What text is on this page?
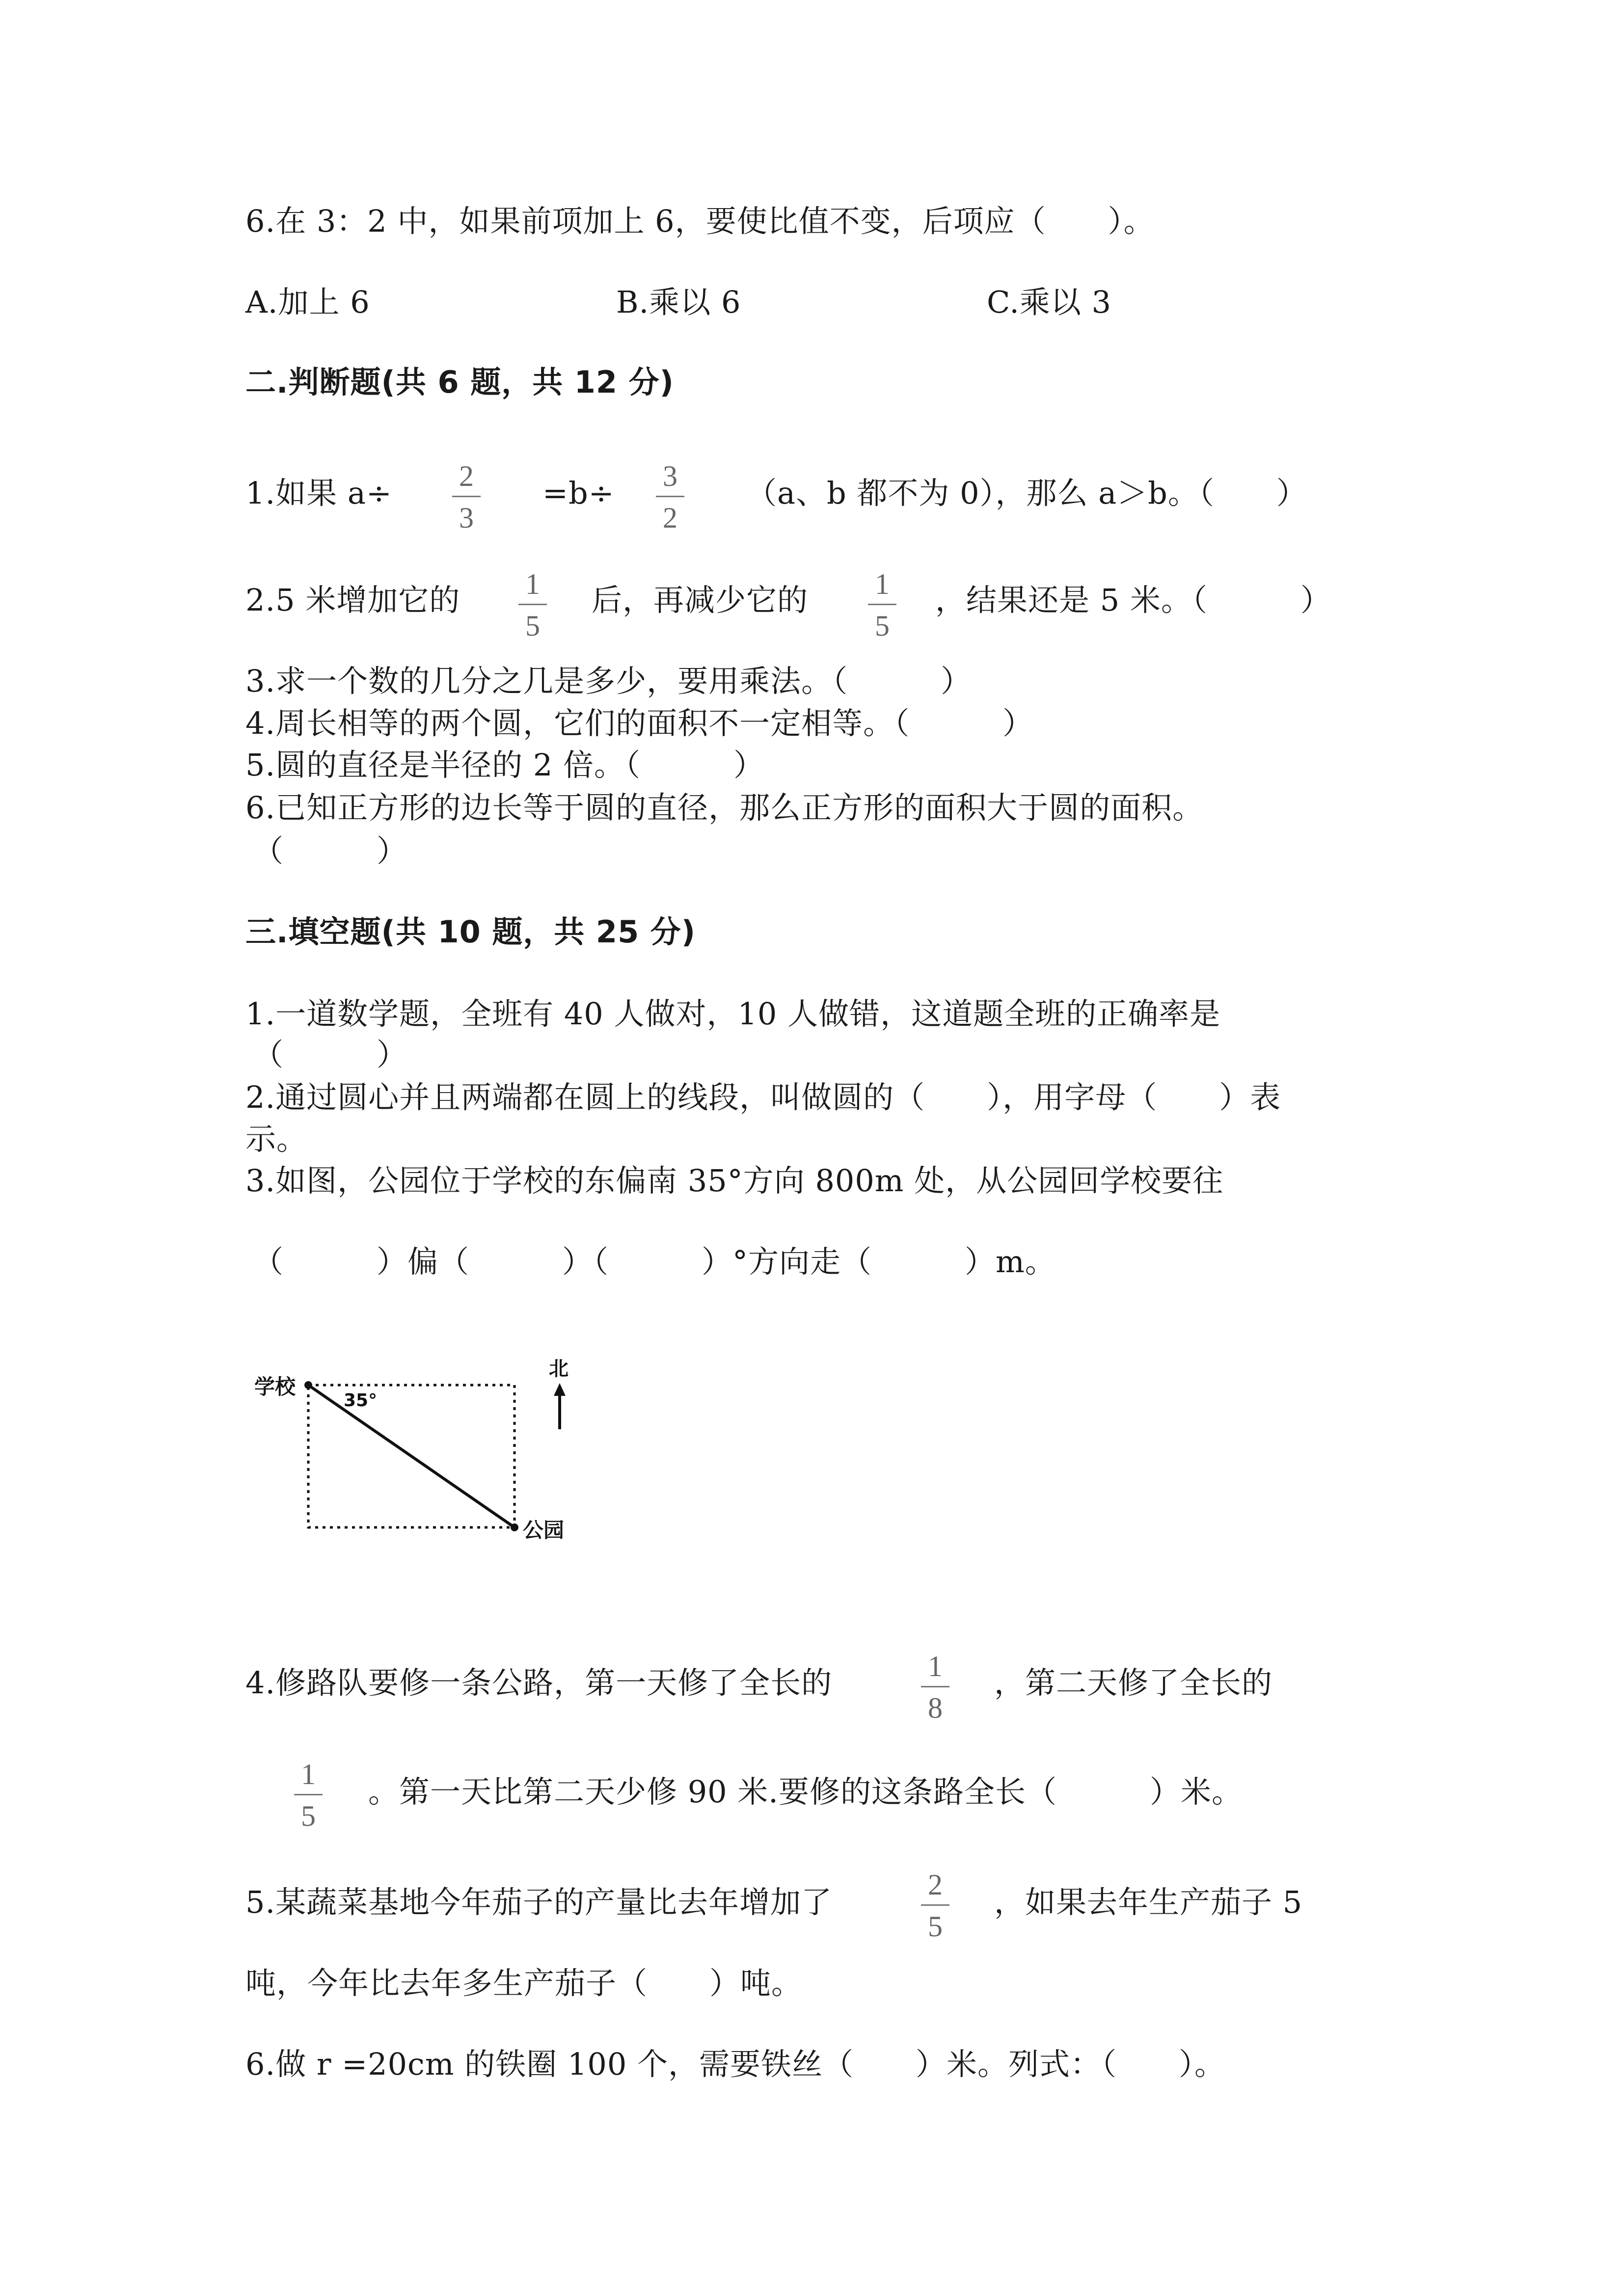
6.在 3：2 中，如果前项加上 6，要使比值不变，后项应（　　）。
A.加上 6	B.乘以 6	C.乘以 3
二.判断题(共 6 题，共 12 分)
1.如果 a÷	2
3
=b÷	3
2
（a、b 都不为 0），那么 a＞b。（　　）
2.5 米增加它的	1
5
后，再减少它的	1
5
，结果还是 5 米。（　　　）
3.求一个数的几分之几是多少，要用乘法。（　　　）
4.周长相等的两个圆，它们的面积不一定相等。（　　　）
5.圆的直径是半径的 2 倍。（　　　）
6.已知正方形的边长等于圆的直径，那么正方形的面积大于圆的面积。
（　　　）
三.填空题(共 10 题，共 25 分)
1.一道数学题，全班有 40 人做对，10 人做错，这道题全班的正确率是
（　　　）
2.通过圆心并且两端都在圆上的线段，叫做圆的（　　），用字母（　　）表
示。
3.如图，公园位于学校的东偏南 35°方向 800m 处，从公园回学校要往
（　　　）偏（　　　）（　　　）°方向走（　　　）m。
学校
公园
35°
北
4.修路队要修一条公路，第一天修了全长的	1
8
，第二天修了全长的
1
5
。第一天比第二天少修 90 米.要修的这条路全长（　　　）米。
5.某蔬菜基地今年茄子的产量比去年增加了	2
5
，如果去年生产茄子 5
吨，今年比去年多生产茄子（　　）吨。
6.做 r =20cm 的铁圈 100 个，需要铁丝（　　）米。列式：（　　）。
